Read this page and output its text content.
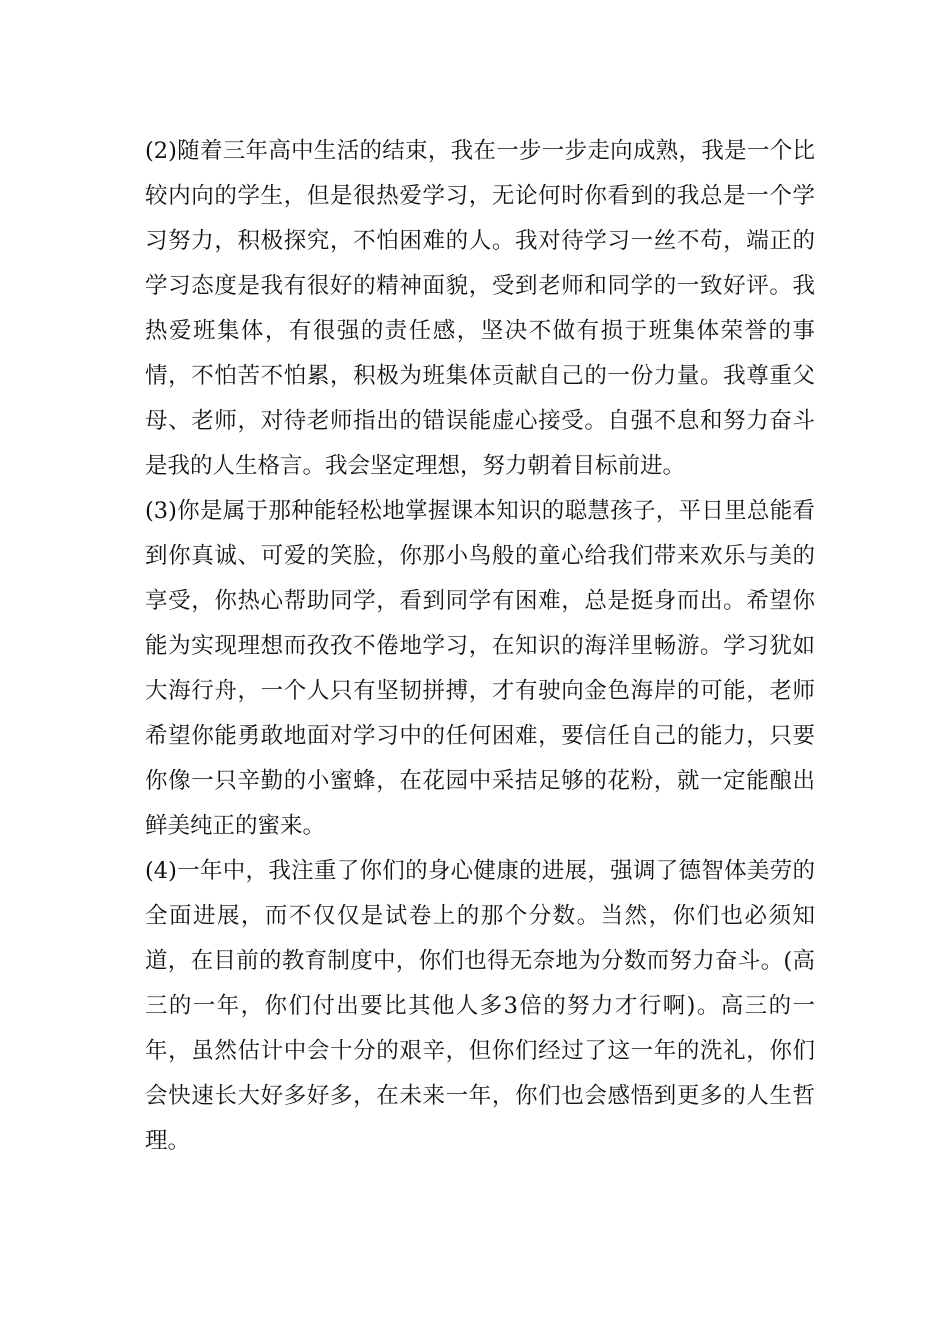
(2)随着三年高中生活的结束，我在一步一步走向成熟，我是一个比较内向的学生，但是很热爱学习，无论何时你看到的我总是一个学习努力，积极探究，不怕困难的人。我对待学习一丝不苟，端正的学习态度是我有很好的精神面貌，受到老师和同学的一致好评。我热爱班集体，有很强的责任感，坚决不做有损于班集体荣誉的事情，不怕苦不怕累，积极为班集体贡献自己的一份力量。我尊重父母、老师，对待老师指出的错误能虚心接受。自强不息和努力奋斗是我的人生格言。我会坚定理想，努力朝着目标前进。

(3)你是属于那种能轻松地掌握课本知识的聪慧孩子，平日里总能看到你真诚、可爱的笑脸，你那小鸟般的童心给我们带来欢乐与美的享受，你热心帮助同学，看到同学有困难，总是挺身而出。希望你能为实现理想而孜孜不倦地学习，在知识的海洋里畅游。学习犹如大海行舟，一个人只有坚韧拼搏，才有驶向金色海岸的可能，老师希望你能勇敢地面对学习中的任何困难，要信任自己的能力，只要你像一只辛勤的小蜜蜂，在花园中采拮足够的花粉，就一定能酿出鲜美纯正的蜜来。

(4)一年中，我注重了你们的身心健康的进展，强调了德智体美劳的全面进展，而不仅仅是试卷上的那个分数。当然，你们也必须知道，在目前的教育制度中，你们也得无奈地为分数而努力奋斗。(高三的一年，你们付出要比其他人多3倍的努力才行啊)。高三的一年，虽然估计中会十分的艰辛，但你们经过了这一年的洗礼，你们会快速长大好多好多，在未来一年，你们也会感悟到更多的人生哲理。
